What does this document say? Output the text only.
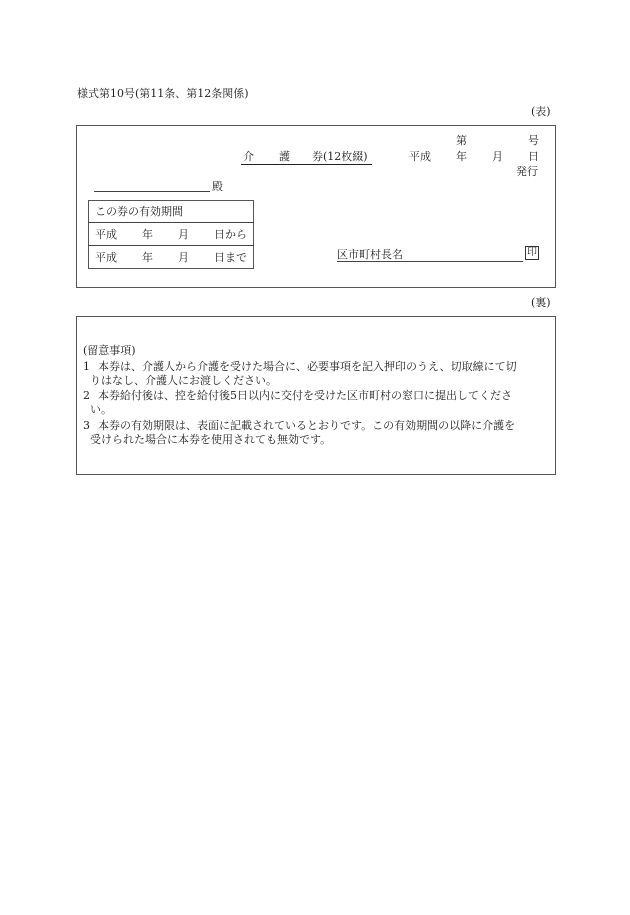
様式第10号(第11条、第12条関係)
(表)
第	号
介 護 券(12枚綴)	平成 年 月 日
発行
殿
この券の有効期間
平成 年 月 日から
平成 年 月 日まで	区市町村長名	印
(裏)
(留意事項)
1 本券は、介護人から介護を受けた場合に、必要事項を記入押印のうえ、切取線にて切
りはなし、介護人にお渡しください。
2 本券給付後は、控を給付後5日以内に交付を受けた区市町村の窓口に提出してくださ
い。
3 本券の有効期限は、表面に記載されているとおりです。この有効期間の以降に介護を
受けられた場合に本券を使用されても無効です。
